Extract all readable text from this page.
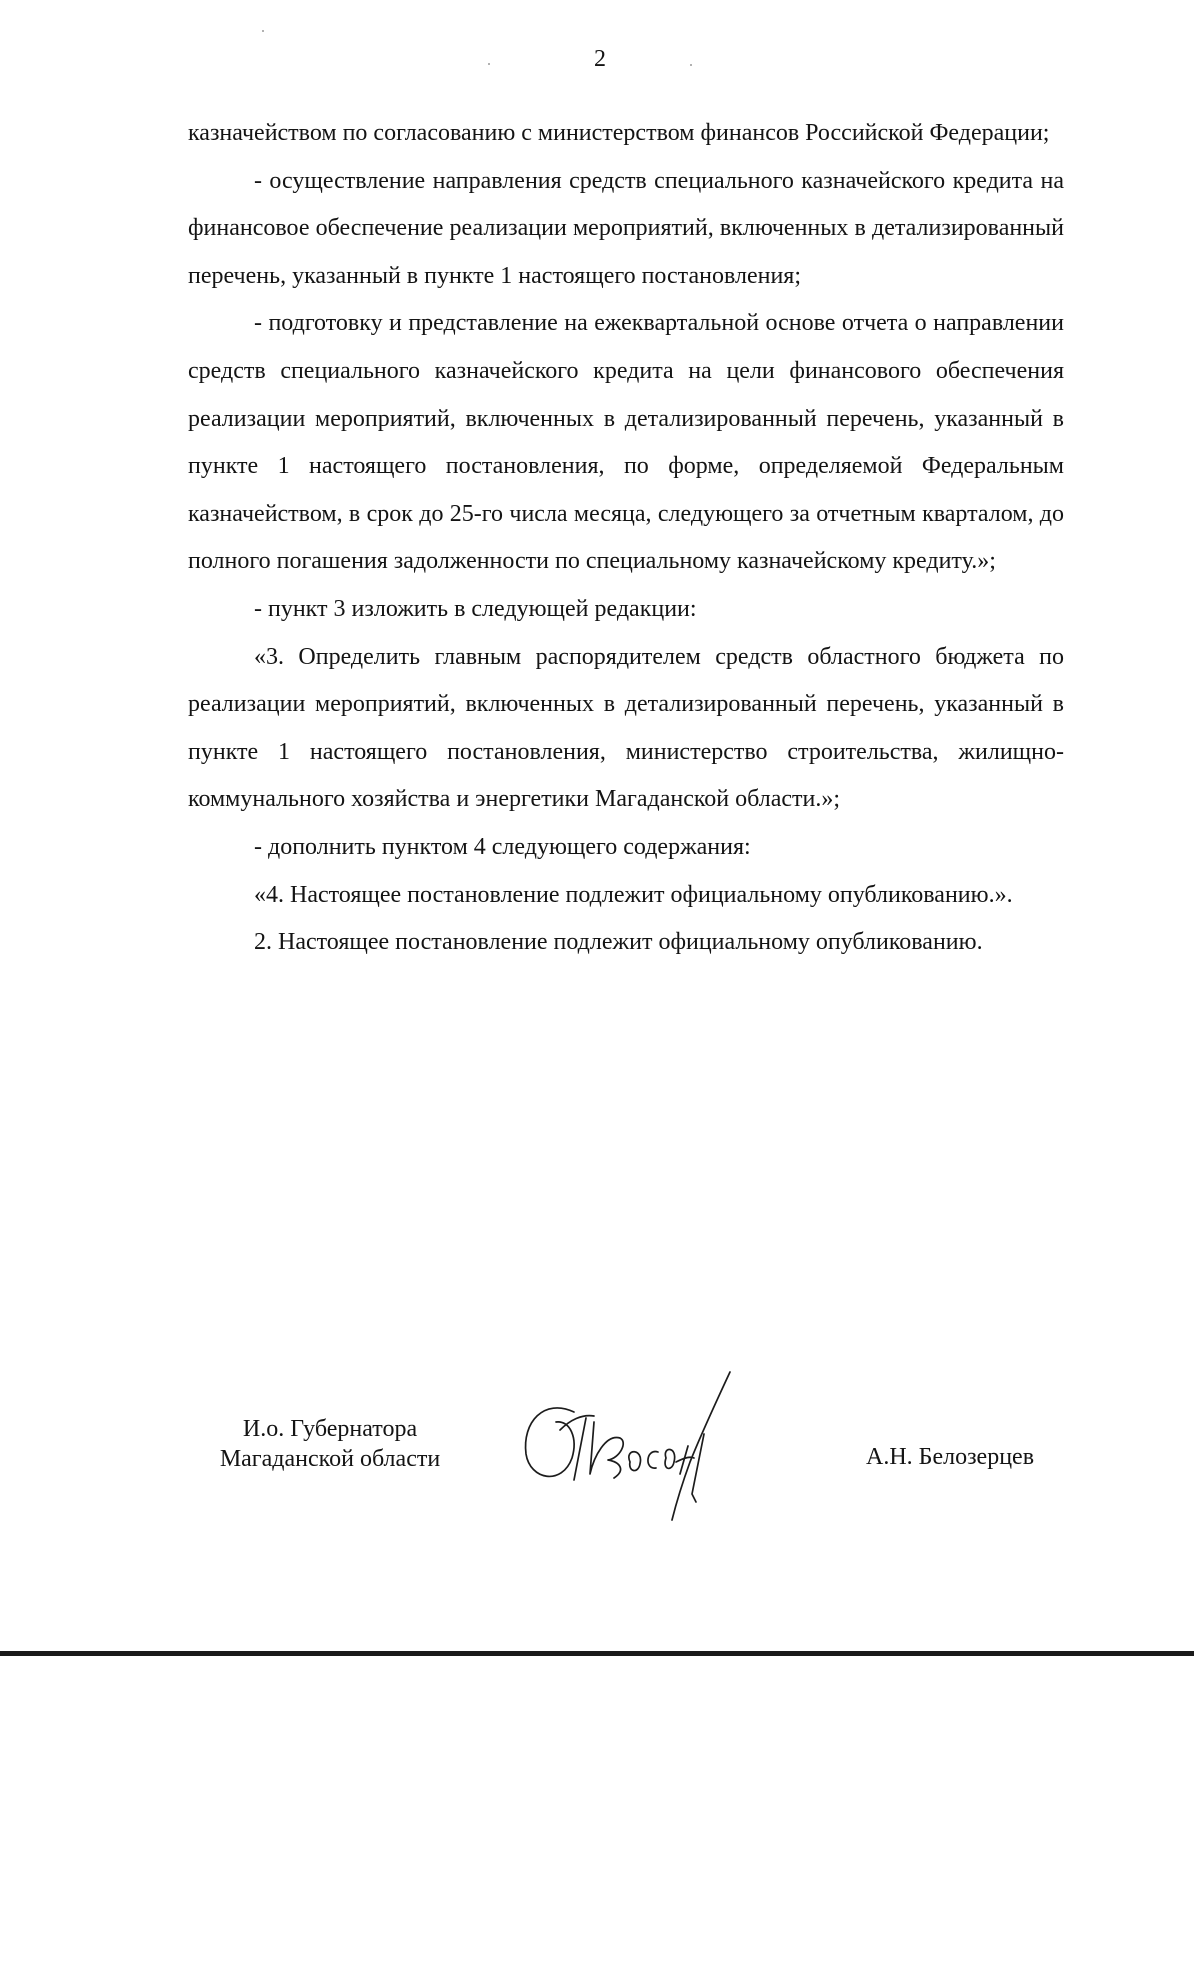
2

казначейством по согласованию с министерством финансов Российской Федерации;

- осуществление направления средств специального казначейского кредита на финансовое обеспечение реализации мероприятий, включенных в детализированный перечень, указанный в пункте 1 настоящего постановления;

- подготовку и представление на ежеквартальной основе отчета о направлении средств специального казначейского кредита на цели финансового обеспечения реализации мероприятий, включенных в детализированный перечень, указанный в пункте 1 настоящего постановления, по форме, определяемой Федеральным казначейством, в срок до 25-го числа месяца, следующего за отчетным кварталом, до полного погашения задолженности по специальному казначейскому кредиту.»;

- пункт 3 изложить в следующей редакции:

«3. Определить главным распорядителем средств областного бюджета по реализации мероприятий, включенных в детализированный перечень, указанный в пункте 1 настоящего постановления, министерство строительства, жилищно-коммунального хозяйства и энергетики Магаданской области.»;

- дополнить пунктом 4 следующего содержания:

«4. Настоящее постановление подлежит официальному опубликованию.».

2. Настоящее постановление подлежит официальному опубликованию.

И.о. Губернатора
Магаданской области	А.Н. Белозерцев
